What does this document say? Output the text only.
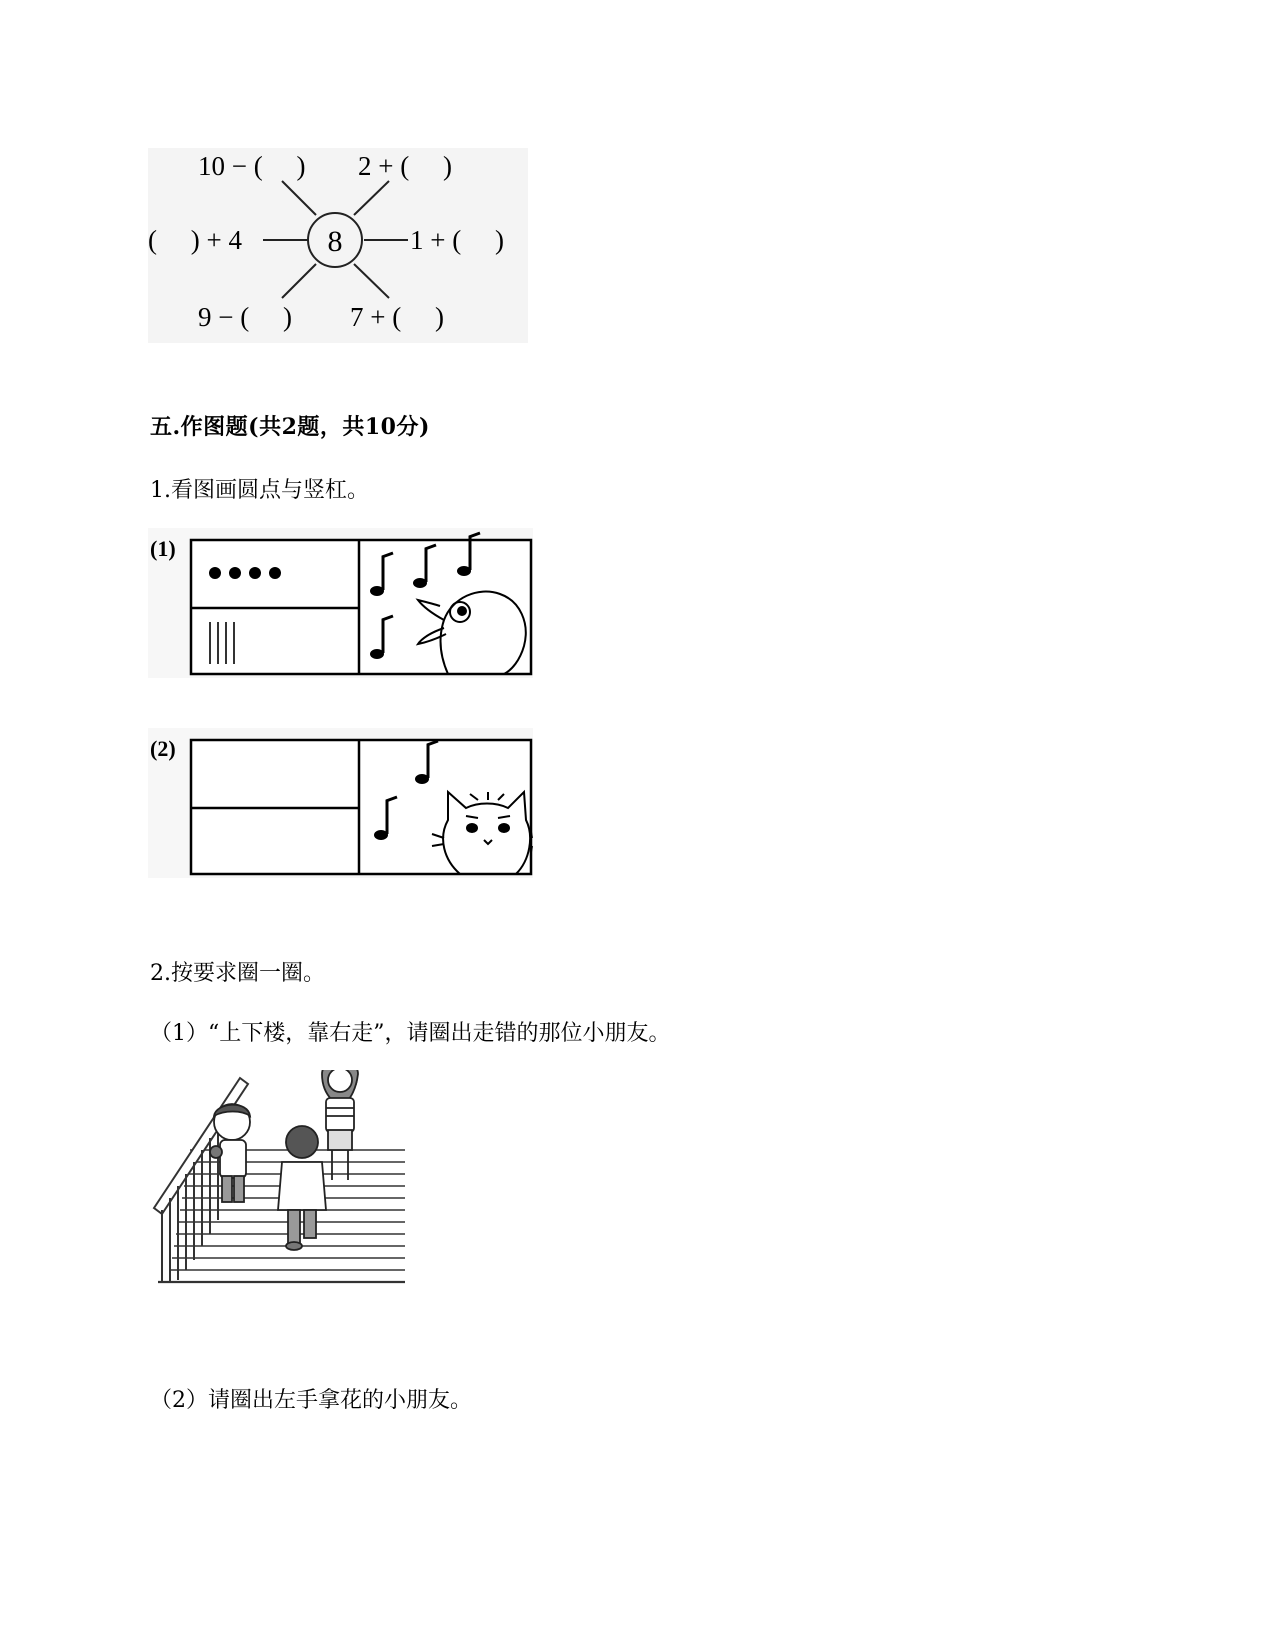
8
10 − (     ) 2 + (     )
(     ) + 4	1 + (     )
9 − (     ) 7 + (     )
五.作图题(共2题，共10分)
1.看图画圆点与竖杠。
(1)
(2)
2.按要求圈一圈。
（1）“上下楼，靠右走”，请圈出走错的那位小朋友。
（2）请圈出左手拿花的小朋友。
